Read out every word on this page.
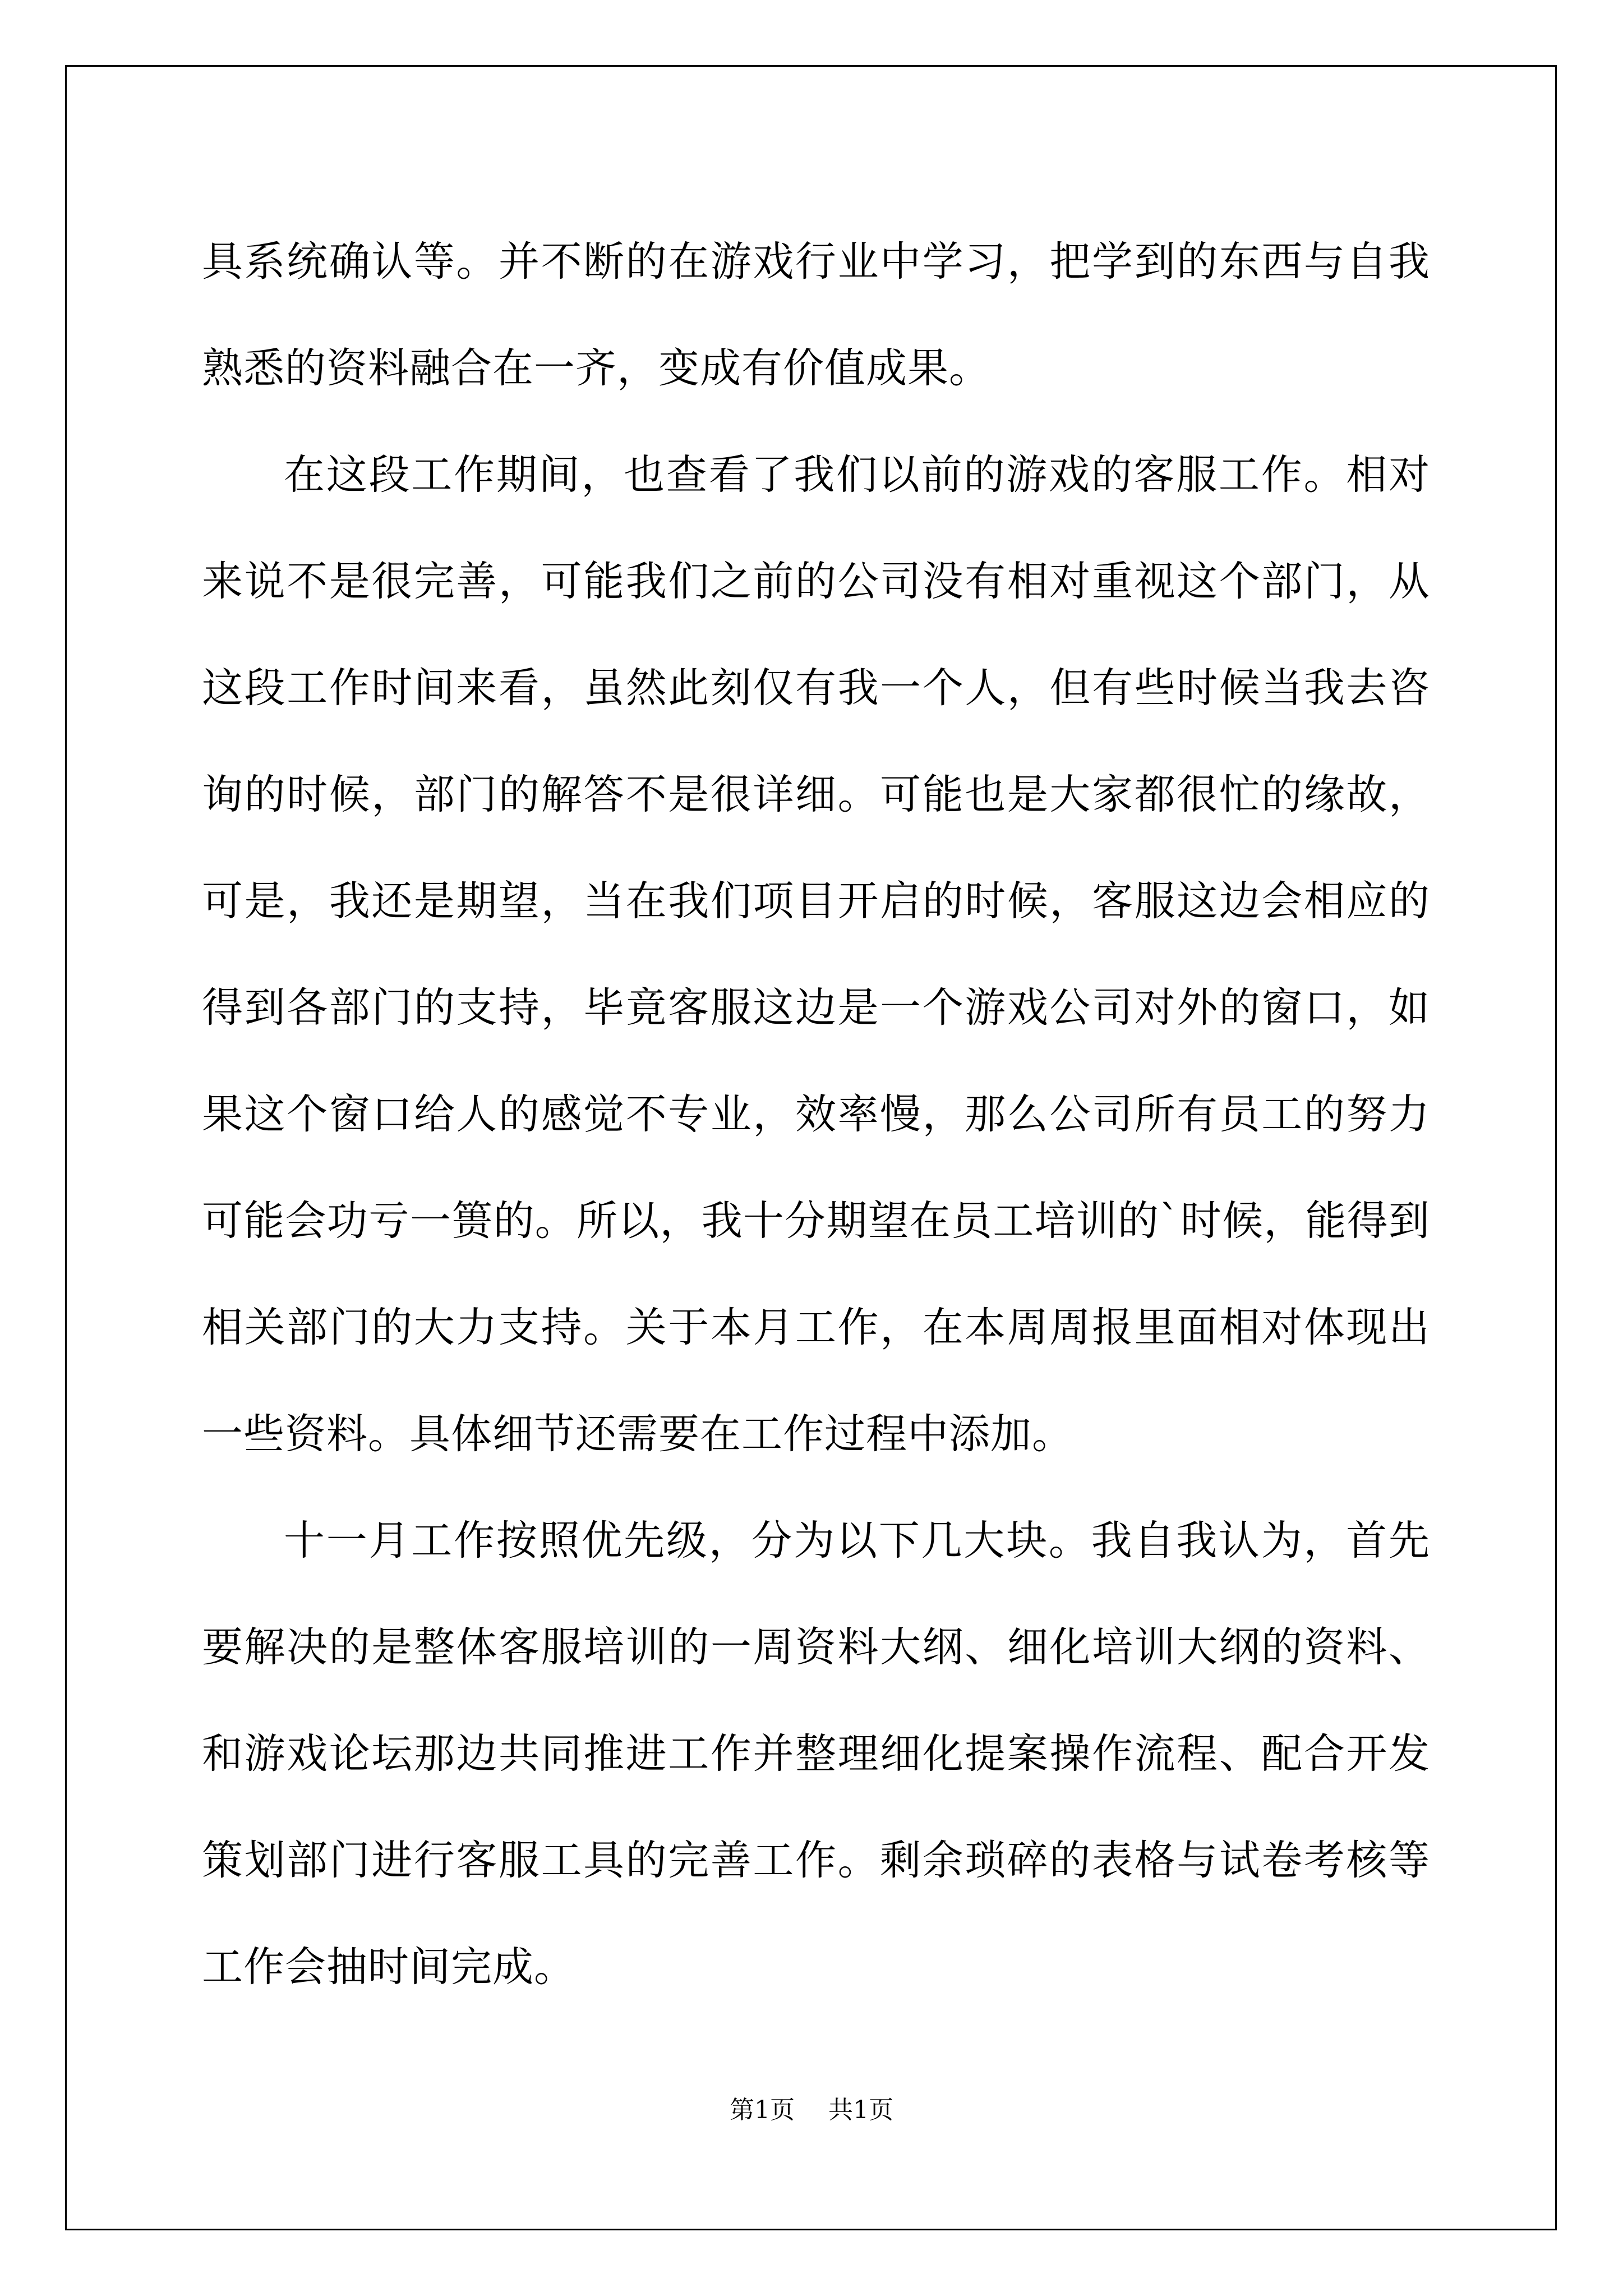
具系统确认等。并不断的在游戏行业中学习，把学到的东西与自我熟悉的资料融合在一齐，变成有价值成果。

在这段工作期间，也查看了我们以前的游戏的客服工作。相对来说不是很完善，可能我们之前的公司没有相对重视这个部门，从这段工作时间来看，虽然此刻仅有我一个人，但有些时候当我去咨询的时候，部门的解答不是很详细。可能也是大家都很忙的缘故，可是，我还是期望，当在我们项目开启的时候，客服这边会相应的得到各部门的支持，毕竟客服这边是一个游戏公司对外的窗口，如果这个窗口给人的感觉不专业，效率慢，那么公司所有员工的努力可能会功亏一篑的。所以，我十分期望在员工培训的`时候，能得到相关部门的大力支持。关于本月工作，在本周周报里面相对体现出一些资料。具体细节还需要在工作过程中添加。

十一月工作按照优先级，分为以下几大块。我自我认为，首先要解决的是整体客服培训的一周资料大纲、细化培训大纲的资料、和游戏论坛那边共同推进工作并整理细化提案操作流程、配合开发策划部门进行客服工具的完善工作。剩余琐碎的表格与试卷考核等工作会抽时间完成。

第1页 共1页
